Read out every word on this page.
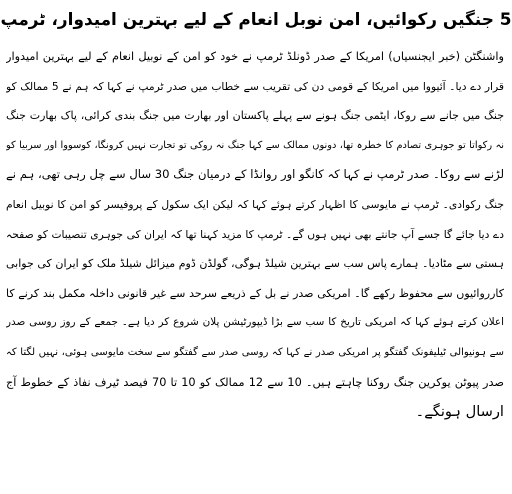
5 جنگیں رکوائیں، امن نوبل انعام کے لیے بہترین امیدوار، ٹرمپ
واشنگٹن (خبر ایجنسیاں) امریکا کے صدر ڈونلڈ ٹرمپ نے خود کو امن کے نوبیل انعام کے لیے بہترین امیدوار
قرار دے دیا۔ آئیووا میں امریکا کے قومی دن کی تقریب سے خطاب میں صدر ٹرمپ نے کہا کہ ہم نے 5 ممالک کو
جنگ میں جانے سے روکا، ایٹمی جنگ ہونے سے پہلے پاکستان اور بھارت میں جنگ بندی کرائی، پاک بھارت جنگ
نہ رکواتا تو جوہری تصادم کا خطرہ تھا، دونوں ممالک سے کہا جنگ نہ روکی تو تجارت نہیں کرونگا، کوسووا اور سربیا کو
لڑنے سے روکا۔ صدر ٹرمپ نے کہا کہ کانگو اور روانڈا کے درمیان جنگ 30 سال سے چل رہی تھی، ہم نے
جنگ رکوادی۔ ٹرمپ نے مایوسی کا اظہار کرتے ہوئے کہا کہ لیکن ایک سکول کے پروفیسر کو امن کا نوبیل انعام
دے دیا جائے گا جسے آپ جانتے بھی نہیں ہوں گے۔ ٹرمپ کا مزید کہنا تھا کہ ایران کی جوہری تنصیبات کو صفحہ
ہستی سے مٹادیا۔ ہمارے پاس سب سے بہترین شیلڈ ہوگی، گولڈن ڈوم میزائل شیلڈ ملک کو ایران کی جوابی
کارروائیوں سے محفوظ رکھے گا۔ امریکی صدر نے بل کے ذریعے سرحد سے غیر قانونی داخلہ مکمل بند کرنے کا
اعلان کرتے ہوئے کہا کہ امریکی تاریخ کا سب سے بڑا ڈیپورٹیشن پلان شروع کر دیا ہے۔ جمعے کے روز روسی صدر
سے ہونیوالی ٹیلیفونک گفتگو پر امریکی صدر نے کہا کہ روسی صدر سے گفتگو سے سخت مایوسی ہوئی، نہیں لگتا کہ
صدر پیوٹن یوکرین جنگ روکنا چاہتے ہیں۔ 10 سے 12 ممالک کو 10 تا 70 فیصد ٹیرف نفاذ کے خطوط آج
ارسال ہونگے۔
